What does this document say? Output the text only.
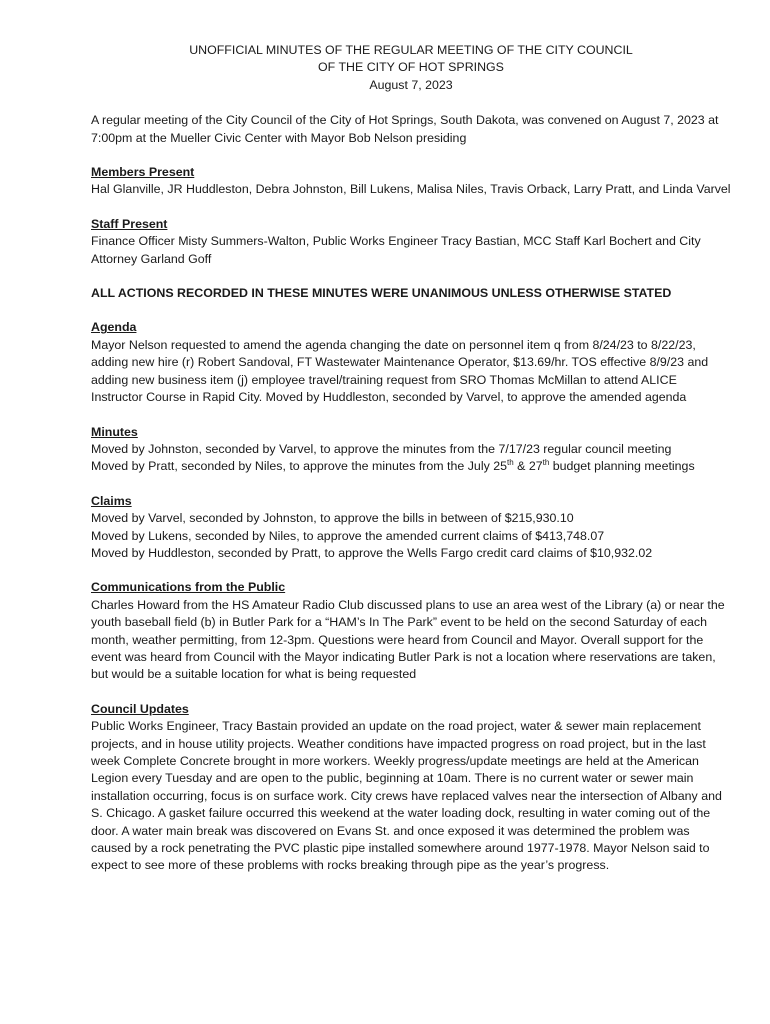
UNOFFICIAL MINUTES OF THE REGULAR MEETING OF THE CITY COUNCIL
OF THE CITY OF HOT SPRINGS
August 7, 2023

A regular meeting of the City Council of the City of Hot Springs, South Dakota, was convened on August 7, 2023 at 7:00pm at the Mueller Civic Center with Mayor Bob Nelson presiding

Members Present

Hal Glanville, JR Huddleston, Debra Johnston, Bill Lukens, Malisa Niles, Travis Orback, Larry Pratt, and Linda Varvel

Staff Present

Finance Officer Misty Summers-Walton, Public Works Engineer Tracy Bastian, MCC Staff Karl Bochert and City Attorney Garland Goff

ALL ACTIONS RECORDED IN THESE MINUTES WERE UNANIMOUS UNLESS OTHERWISE STATED
Agenda

Mayor Nelson requested to amend the agenda changing the date on personnel item q from 8/24/23 to 8/22/23, adding new hire (r) Robert Sandoval, FT Wastewater Maintenance Operator, $13.69/hr. TOS effective 8/9/23 and adding new business item (j) employee travel/training request from SRO Thomas McMillan to attend ALICE Instructor Course in Rapid City. Moved by Huddleston, seconded by Varvel, to approve the amended agenda

Minutes

Moved by Johnston, seconded by Varvel, to approve the minutes from the 7/17/23 regular council meeting

Moved by Pratt, seconded by Niles, to approve the minutes from the July 25th & 27th budget planning meetings

Claims

Moved by Varvel, seconded by Johnston, to approve the bills in between of $215,930.10

Moved by Lukens, seconded by Niles, to approve the amended current claims of $413,748.07

Moved by Huddleston, seconded by Pratt, to approve the Wells Fargo credit card claims of $10,932.02

Communications from the Public

Charles Howard from the HS Amateur Radio Club discussed plans to use an area west of the Library (a) or near the youth baseball field (b) in Butler Park for a “HAM’s In The Park” event to be held on the second Saturday of each month, weather permitting, from 12-3pm. Questions were heard from Council and Mayor. Overall support for the event was heard from Council with the Mayor indicating Butler Park is not a location where reservations are taken, but would be a suitable location for what is being requested

Council Updates

Public Works Engineer, Tracy Bastain provided an update on the road project, water & sewer main replacement projects, and in house utility projects. Weather conditions have impacted progress on road project, but in the last week Complete Concrete brought in more workers. Weekly progress/update meetings are held at the American Legion every Tuesday and are open to the public, beginning at 10am. There is no current water or sewer main installation occurring, focus is on surface work. City crews have replaced valves near the intersection of Albany and S. Chicago. A gasket failure occurred this weekend at the water loading dock, resulting in water coming out of the door. A water main break was discovered on Evans St. and once exposed it was determined the problem was caused by a rock penetrating the PVC plastic pipe installed somewhere around 1977-1978. Mayor Nelson said to expect to see more of these problems with rocks breaking through pipe as the year’s progress.
